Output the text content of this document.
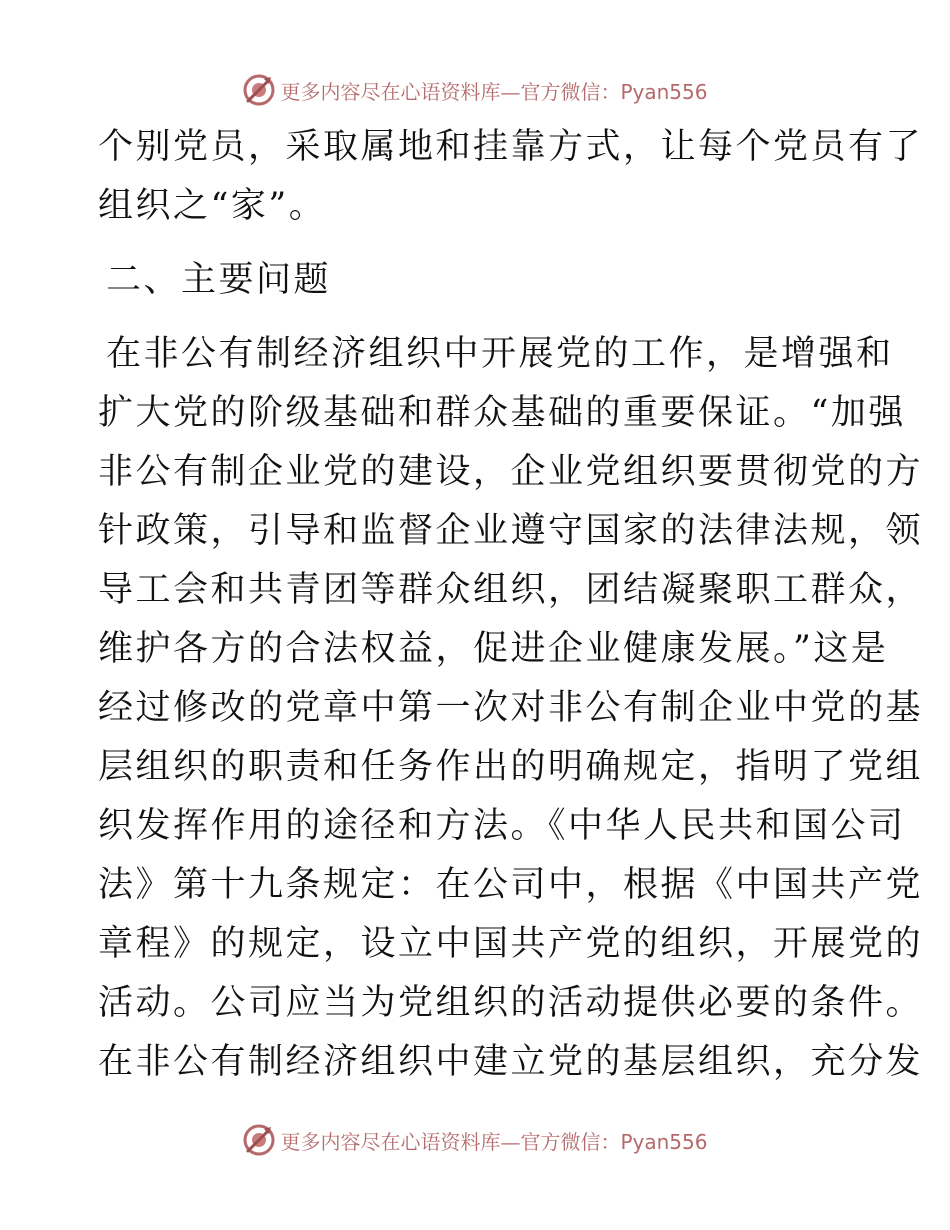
更多内容尽在心语资料库— 官方微信：Pyan556
个别党员，采取属地和挂靠方式，让每个党员有了
组织之“家”。
二、主要问题
在非公有制经济组织中开展党的工作，是增强和
扩大党的阶级基础和群众基础的重要保证。“加强
非公有制企业党的建设，企业党组织要贯彻党的方
针政策，引导和监督企业遵守国家的法律法规，领
导工会和共青团等群众组织，团结凝聚职工群众，
维护各方的合法权益，促进企业健康发展。”这是
经过修改的党章中第一次对非公有制企业中党的基
层组织的职责和任务作出的明确规定，指明了党组
织发挥作用的途径和方法。《中华人民共和国公司
法》第十九条规定：在公司中，根据《中国共产党
章程》的规定，设立中国共产党的组织，开展党的
活动。公司应当为党组织的活动提供必要的条件。
在非公有制经济组织中建立党的基层组织，充分发
更多内容尽在心语资料库— 官方微信：Pyan556
